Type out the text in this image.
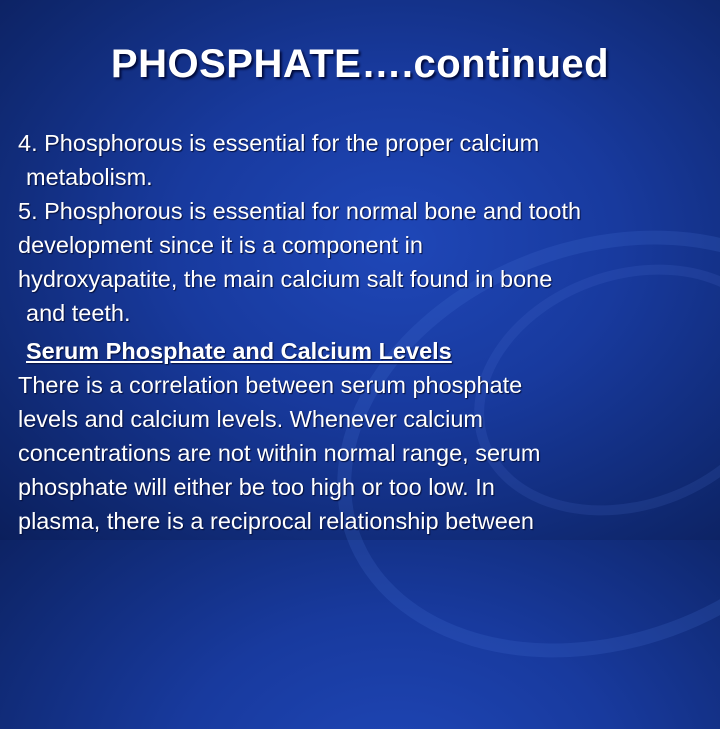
PHOSPHATE….continued
4. Phosphorous is essential for the proper calcium
metabolism.
5. Phosphorous is essential for normal bone and tooth
development since it is a component in
hydroxyapatite, the main calcium salt found in bone
and teeth.
Serum Phosphate and Calcium Levels
There is a correlation between serum phosphate
levels and calcium levels. Whenever calcium
concentrations are not within normal range, serum
phosphate will either be too high or too low. In
plasma, there is a reciprocal relationship between
